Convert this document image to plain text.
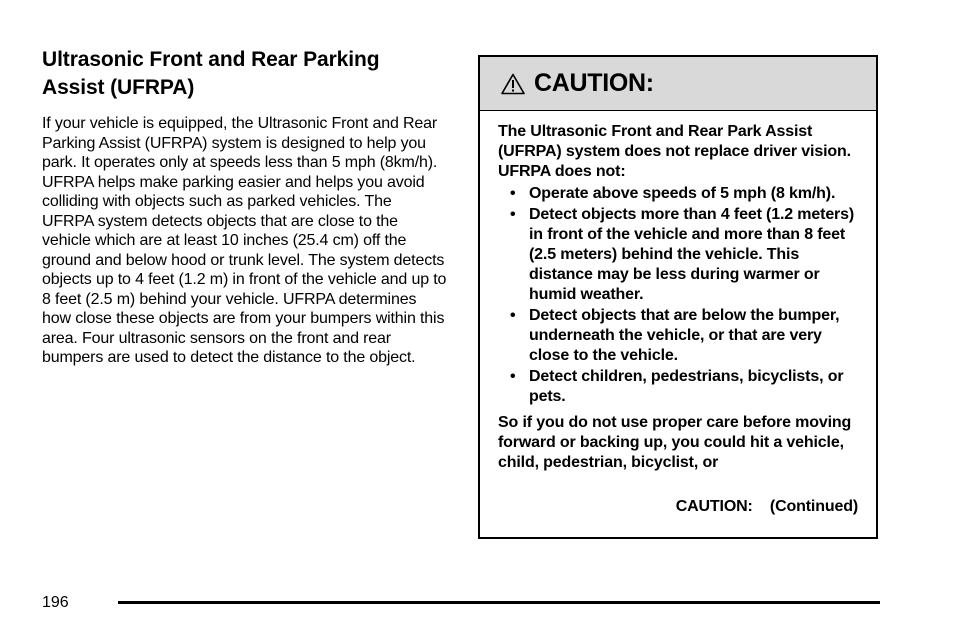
Ultrasonic Front and Rear Parking
Assist (UFRPA)

If your vehicle is equipped, the Ultrasonic Front and Rear Parking Assist (UFRPA) system is designed to help you park. It operates only at speeds less than 5 mph (8km/h). UFRPA helps make parking easier and helps you avoid colliding with objects such as parked vehicles. The UFRPA system detects objects that are close to the vehicle which are at least 10 inches (25.4 cm) off the ground and below hood or trunk level. The system detects objects up to 4 feet (1.2 m) in front of the vehicle and up to 8 feet (2.5 m) behind your vehicle. UFRPA determines how close these objects are from your bumpers within this area. Four ultrasonic sensors on the front and rear bumpers are used to detect the distance to the object.

CAUTION:

The Ultrasonic Front and Rear Park Assist (UFRPA) system does not replace driver vision. UFRPA does not:

• Operate above speeds of 5 mph (8 km/h).
• Detect objects more than 4 feet (1.2 meters) in front of the vehicle and more than 8 feet (2.5 meters) behind the vehicle. This distance may be less during warmer or humid weather.
• Detect objects that are below the bumper, underneath the vehicle, or that are very close to the vehicle.
• Detect children, pedestrians, bicyclists, or pets.

So if you do not use proper care before moving forward or backing up, you could hit a vehicle, child, pedestrian, bicyclist, or

CAUTION:    (Continued)
196
